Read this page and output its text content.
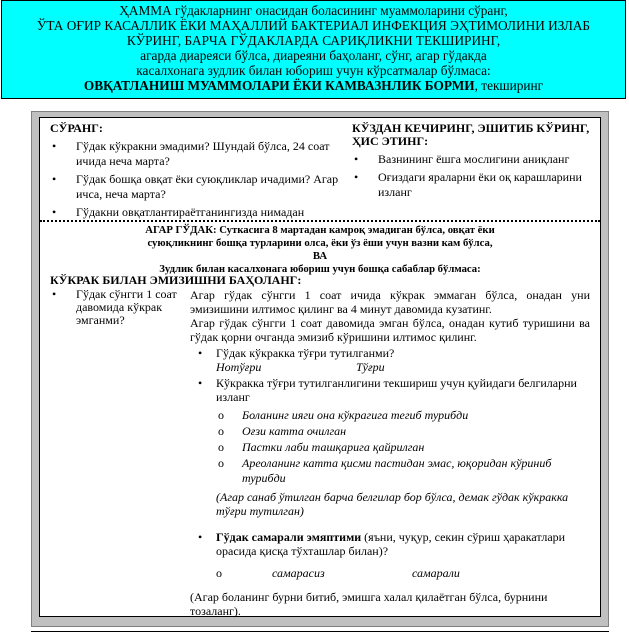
ҲАММА гўдакларнинг онасидан боласининг муаммоларини сўранг,
ЎТА ОҒИР КАСАЛЛИК ЁКИ МАҲАЛЛИЙ БАКТЕРИАЛ ИНФЕКЦИЯ ЭҲТИМОЛИНИ ИЗЛАБ
КЎРИНГ, БАРЧА ГЎДАКЛАРДА САРИҚЛИКНИ ТЕКШИРИНГ,
агарда диареяси бўлса, диареяни баҳоланг, сўнг, агар гўдакда
касалхонага зудлик билан юбориш учун кўрсатмалар бўлмаса:
ОВҚАТЛАНИШ МУАММОЛАРИ ЁКИ КАМВАЗНЛИК БОРМИ, текширинг

СЎРАНГ:

• Гўдак кўкракни эмадими? Шундай бўлса, 24 соат ичида неча марта?
• Гўдак бошқа овқат ёки суюқликлар ичадими? Агар ичса, неча марта?
• Гўдакни овқатлантираётганингизда нимадан

КЎЗДАН КЕЧИРИНГ, ЭШИТИБ КЎРИНГ, ҲИС ЭТИНГ:

• Вазнининг ёшга мослигини аниқланг
• Оғиздаги яраларни ёки оқ карашларини изланг
АГАР ГЎДАК: Суткасига 8 мартадан камроқ эмадиган бўлса, овқат ёки
суюқликнинг бошқа турларини олса, ёки ўз ёши учун вазни кам бўлса,
ВА
Зудлик билан касалхонага юбориш учун бошқа сабаблар бўлмаса:
КЎКРАК БИЛАН ЭМИЗИШНИ БАҲОЛАНГ:
• Гўдак сўнгги 1 соат давомида кўкрак эмганми?

Агар гўдак сўнгги 1 соат ичида кўкрак эммаган бўлса, онадан уни эмизишини илтимос қилинг ва 4 минут давомида кузатинг.

Агар гўдак сўнгги 1 соат давомида эмган бўлса, онадан кутиб туришини ва гўдак қорни очганда эмизиб кўришини илтимос қилинг.

• Гўдак кўкракка тўғри тутилганми?
Нотўғри	Тўғри
• Кўкракка тўғри тутилганлигини текшириш учун қуйидаги белгиларни изланг
o Боланинг ияги она кўкрагига тегиб турибди
o Оғзи катта очилган
o Пастки лаби ташқарига қайрилган
o Ареоланинг катта қисми пастидан эмас, юқоридан кўриниб турибди
(Агар санаб ўтилган барча белгилар бор бўлса, демак гўдак кўкракка тўғри тутилган)
• Гўдак самарали эмяптими (яъни, чуқур, секин сўриш ҳаракатлари орасида қисқа тўхташлар билан)?
o	самарасиз	самарали
(Агар боланинг бурни битиб, эмишга халал қилаётган бўлса, бурнини тозаланг).
